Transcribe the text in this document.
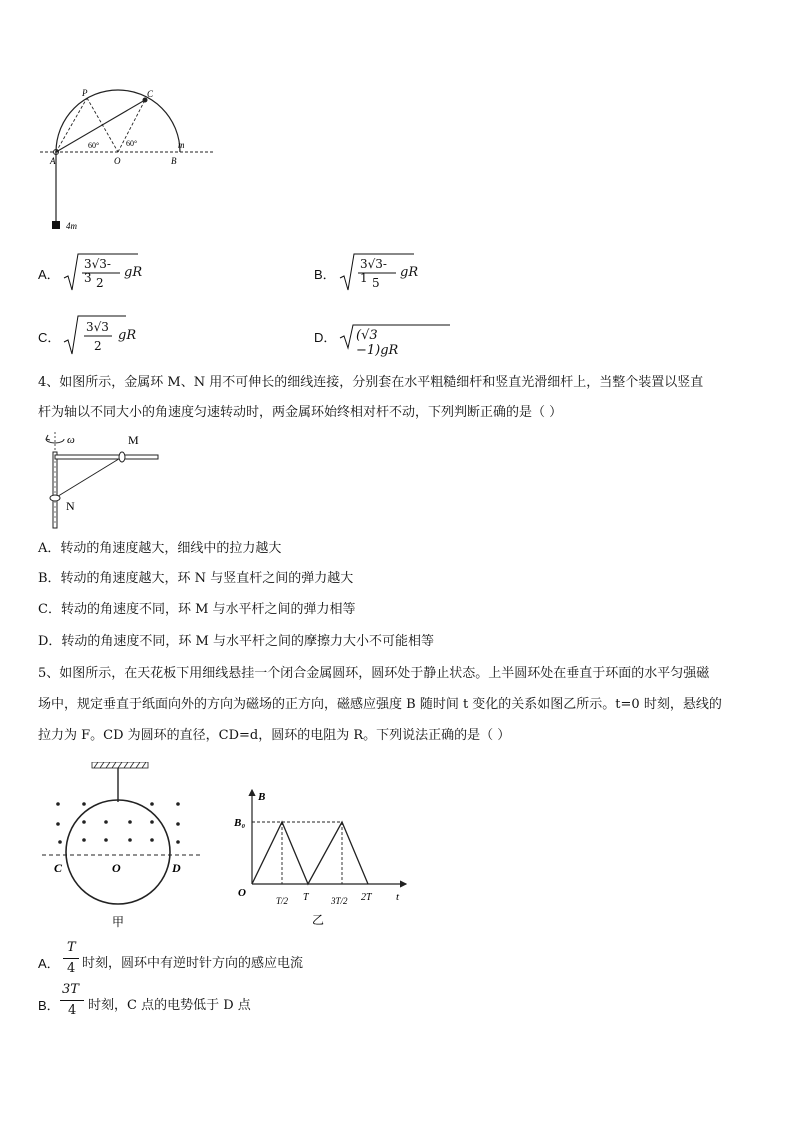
P	C
A	O	B
m
4m
60°	60°
A．
3√3-3 2
gR	B．
3√3-1 5
gR
C．
3√3
2
gR	D． (√3 −1)gR
4、如图所示，金属环 M、N 用不可伸长的细线连接，分别套在水平粗糙细杆和竖直光滑细杆上，当整个装置以竖直
杆为轴以不同大小的角速度匀速转动时，两金属环始终相对杆不动，下列判断正确的是（ ）
ω	M
N
A．转动的角速度越大，细线中的拉力越大
B．转动的角速度越大，环 N 与竖直杆之间的弹力越大
C．转动的角速度不同，环 M 与水平杆之间的弹力相等
D．转动的角速度不同，环 M 与水平杆之间的摩擦力大小不可能相等
5、如图所示，在天花板下用细线悬挂一个闭合金属圆环，圆环处于静止状态。上半圆环处在垂直于环面的水平匀强磁
场中，规定垂直于纸面向外的方向为磁场的正方向，磁感应强度 B 随时间 t 变化的关系如图乙所示。t=0 时刻，悬线的
拉力为 F。CD 为圆环的直径，CD=d，圆环的电阻为 R。下列说法正确的是（ ）
C	O	D
甲
B
B₀
O
T/2 T 3T/2 2T t
乙
A．
T
4 时刻，圆环中有逆时针方向的感应电流
B．
3T
4 时刻，C 点的电势低于 D 点
